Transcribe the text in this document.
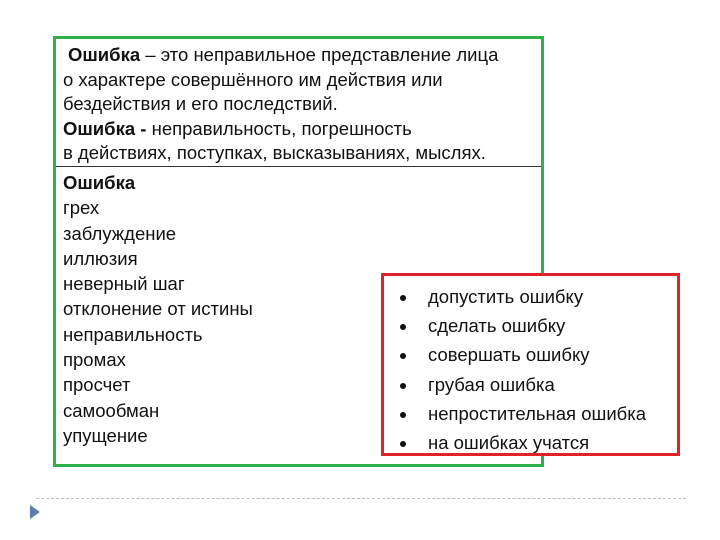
Ошибка – это неправильное представление лица

о характере совершённого им действия или

бездействия и его последствий.

Ошибка - неправильность, погрешность

в действиях, поступках, высказываниях, мыслях.

Ошибка
грех
заблуждение
иллюзия
неверный шаг
отклонение от истины
неправильность
промах
просчет
самообман
упущение
допустить ошибку
сделать ошибку
совершать ошибку
грубая ошибка
непростительная ошибка
на ошибках учатся
